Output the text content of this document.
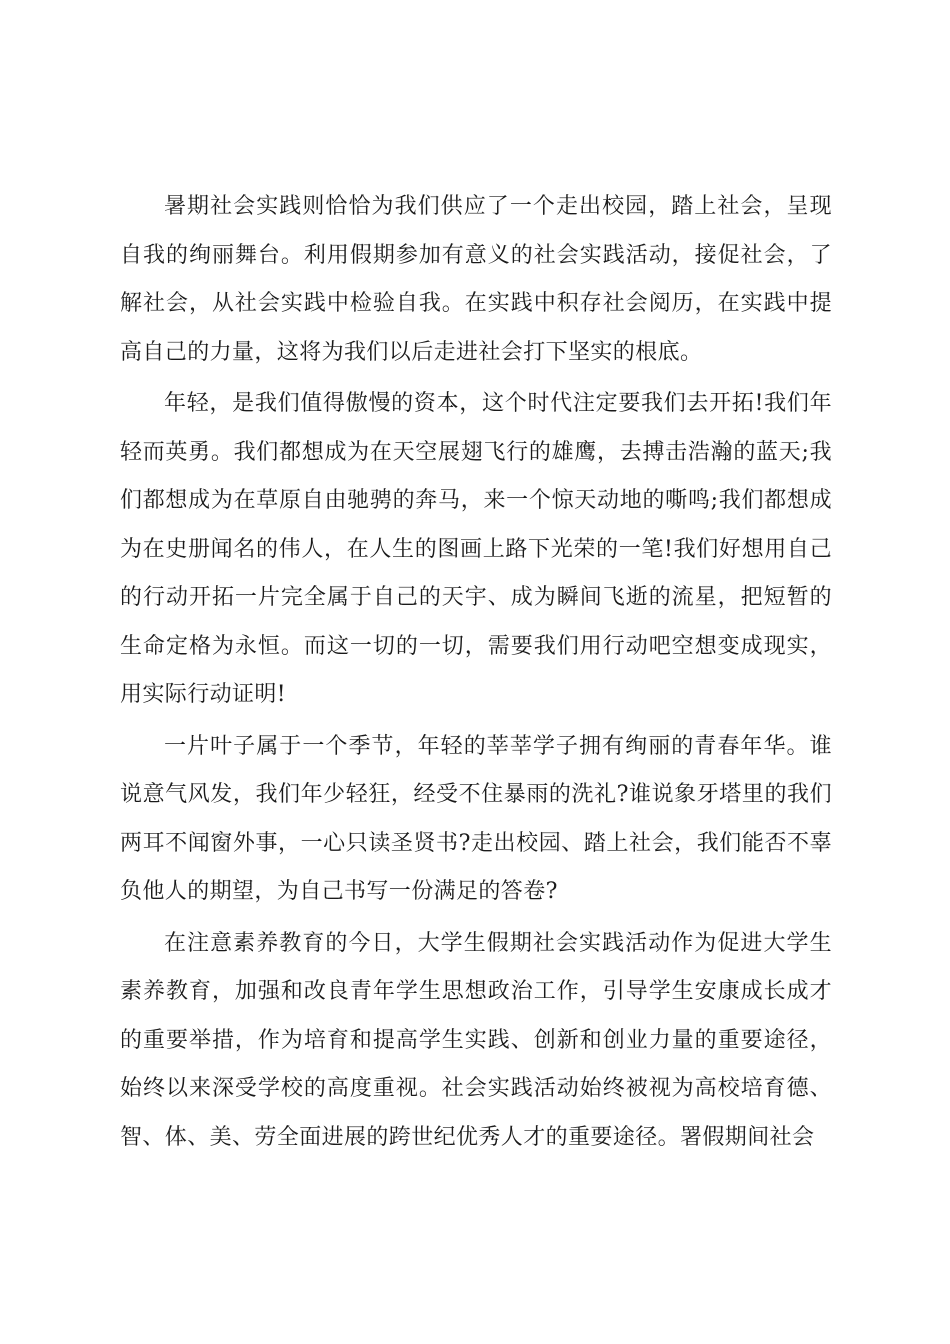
暑期社会实践则恰恰为我们供应了一个走出校园，踏上社会，呈现自我的绚丽舞台。利用假期参加有意义的社会实践活动，接促社会，了解社会，从社会实践中检验自我。在实践中积存社会阅历，在实践中提高自己的力量，这将为我们以后走进社会打下坚实的根底。

年轻，是我们值得傲慢的资本，这个时代注定要我们去开拓!我们年轻而英勇。我们都想成为在天空展翅飞行的雄鹰，去搏击浩瀚的蓝天;我们都想成为在草原自由驰骋的奔马，来一个惊天动地的嘶鸣;我们都想成为在史册闻名的伟人，在人生的图画上路下光荣的一笔!我们好想用自己的行动开拓一片完全属于自己的天宇、成为瞬间飞逝的流星，把短暂的生命定格为永恒。而这一切的一切，需要我们用行动吧空想变成现实，用实际行动证明!

一片叶子属于一个季节，年轻的莘莘学子拥有绚丽的青春年华。谁说意气风发，我们年少轻狂，经受不住暴雨的洗礼?谁说象牙塔里的我们两耳不闻窗外事，一心只读圣贤书?走出校园、踏上社会，我们能否不辜负他人的期望，为自己书写一份满足的答卷?

在注意素养教育的今日，大学生假期社会实践活动作为促进大学生素养教育，加强和改良青年学生思想政治工作，引导学生安康成长成才的重要举措，作为培育和提高学生实践、创新和创业力量的重要途径，始终以来深受学校的高度重视。社会实践活动始终被视为高校培育德、智、体、美、劳全面进展的跨世纪优秀人才的重要途径。署假期间社会
